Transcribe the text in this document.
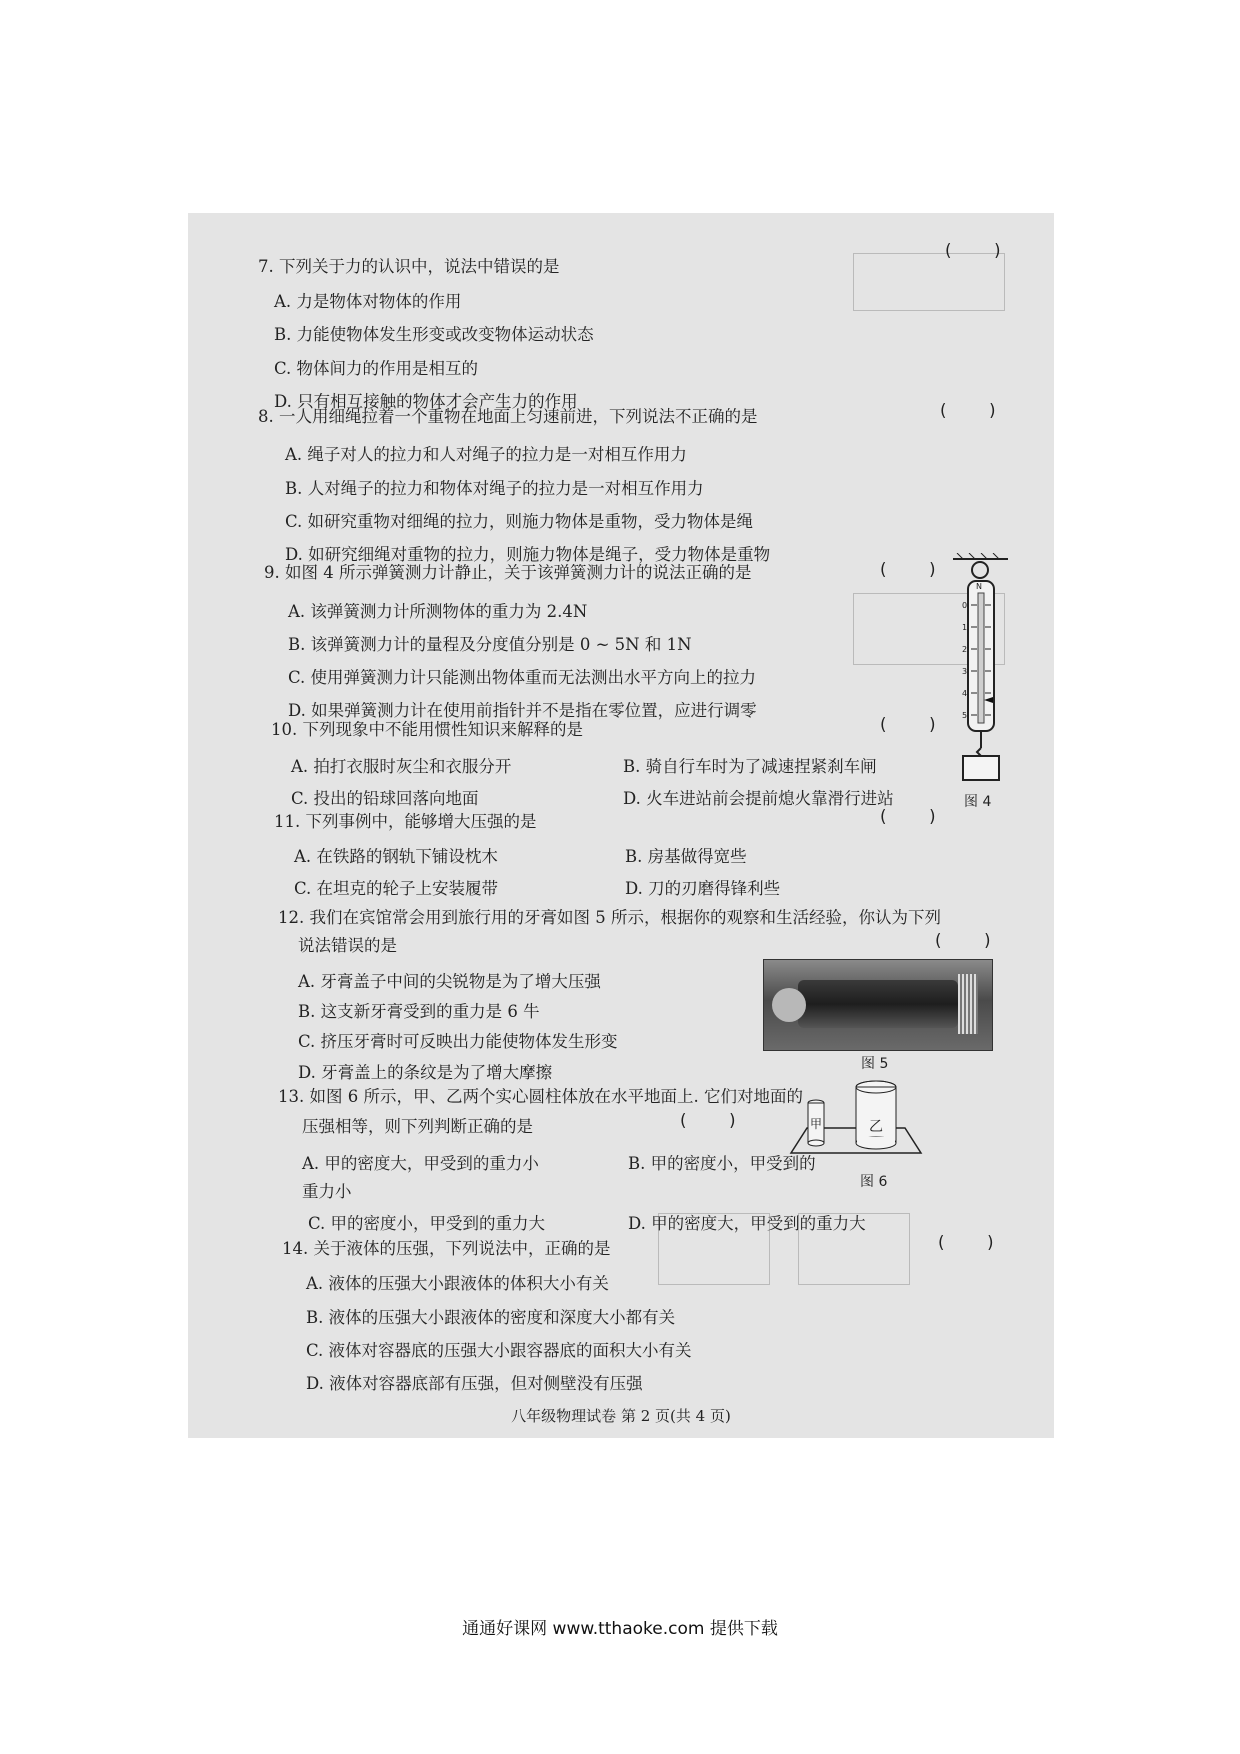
7. 下列关于力的认识中，说法中错误的是
(    )
A. 力是物体对物体的作用
B. 力能使物体发生形变或改变物体运动状态
C. 物体间力的作用是相互的
D. 只有相互接触的物体才会产生力的作用
8. 一人用细绳拉着一个重物在地面上匀速前进，下列说法不正确的是	(    )
A. 绳子对人的拉力和人对绳子的拉力是一对相互作用力
B. 人对绳子的拉力和物体对绳子的拉力是一对相互作用力
C. 如研究重物对细绳的拉力，则施力物体是重物，受力物体是绳
D. 如研究细绳对重物的拉力，则施力物体是绳子，受力物体是重物
9. 如图 4 所示弹簧测力计静止，关于该弹簧测力计的说法正确的是	(    )
A. 该弹簧测力计所测物体的重力为 2.4N
B. 该弹簧测力计的量程及分度值分别是 0 ~ 5N 和 1N
C. 使用弹簧测力计只能测出物体重而无法测出水平方向上的拉力
D. 如果弹簧测力计在使用前指针并不是指在零位置，应进行调零
0
1
2
3
4
5
N
图 4
10. 下列现象中不能用惯性知识来解释的是	(    )
A. 拍打衣服时灰尘和衣服分开	B. 骑自行车时为了减速捏紧刹车闸
C. 投出的铅球回落向地面	D. 火车进站前会提前熄火靠滑行进站
11. 下列事例中，能够增大压强的是	(    )
A. 在铁路的钢轨下铺设枕木	B. 房基做得宽些
C. 在坦克的轮子上安装履带	D. 刀的刃磨得锋利些
12. 我们在宾馆常会用到旅行用的牙膏如图 5 所示，根据你的观察和生活经验，你认为下列
说法错误的是	(    )
A. 牙膏盖子中间的尖锐物是为了增大压强
B. 这支新牙膏受到的重力是 6 牛
C. 挤压牙膏时可反映出力能使物体发生形变
D. 牙膏盖上的条纹是为了增大摩擦	图 5
13. 如图 6 所示，甲、乙两个实心圆柱体放在水平地面上. 它们对地面的
压强相等，则下列判断正确的是	(    )
A. 甲的密度大，甲受到的重力小	B. 甲的密度小，甲受到的
重力小
C. 甲的密度小，甲受到的重力大	D. 甲的密度大，甲受到的重力大
甲	乙
图 6
14. 关于液体的压强，下列说法中，正确的是	(    )
A. 液体的压强大小跟液体的体积大小有关
B. 液体的压强大小跟液体的密度和深度大小都有关
C. 液体对容器底的压强大小跟容器底的面积大小有关
D. 液体对容器底部有压强，但对侧壁没有压强
八年级物理试卷 第 2 页(共 4 页)
通通好课网 www.tthaoke.com 提供下载
